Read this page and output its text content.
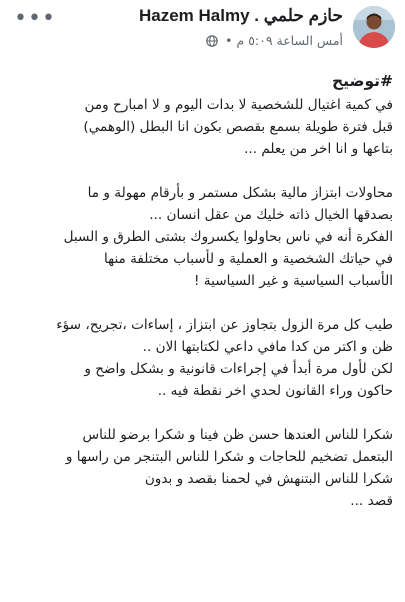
•••	حازم حلمي . Hazem Halmy
أمس الساعة ٥:٠٩ م •
#توضيح

في كمية اغتيال للشخصية لا بدات اليوم و لا امبارح ومن
قبل فترة طويلة بسمع بقصص بكون انا البطل (الوهمي)
بتاعها و انا اخر من يعلم ...

محاولات ابتزاز مالية بشكل مستمر و بأرقام مهولة و ما
بصدقها الخيال ذاته خليك من عقل انسان ...
الفكرة أنه في ناس بحاولوا يكسروك بشتى الطرق و السبل
في حياتك الشخصية و العملية و لأسباب مختلفة منها
الأسباب السياسية و غير السياسية !

طيب كل مرة الزول بتجاوز عن ابتزاز ، إساءات ،تجريح، سؤء
ظن و اكتر من كدا مافي داعي لكتابتها الان ..
لكن لأول مرة أبدأ في إجراءات قانونية و بشكل واضح و
حاكون وراء القانون لحدي اخر نقطة فيه ..

شكرا للناس العندها حسن ظن فينا و شكرا برضو للناس
البتعمل تضخيم للحاجات و شكرا للناس البتنجر من راسها و
شكرا للناس البتنهش في لحمنا بقصد و بدون
قصد ...
